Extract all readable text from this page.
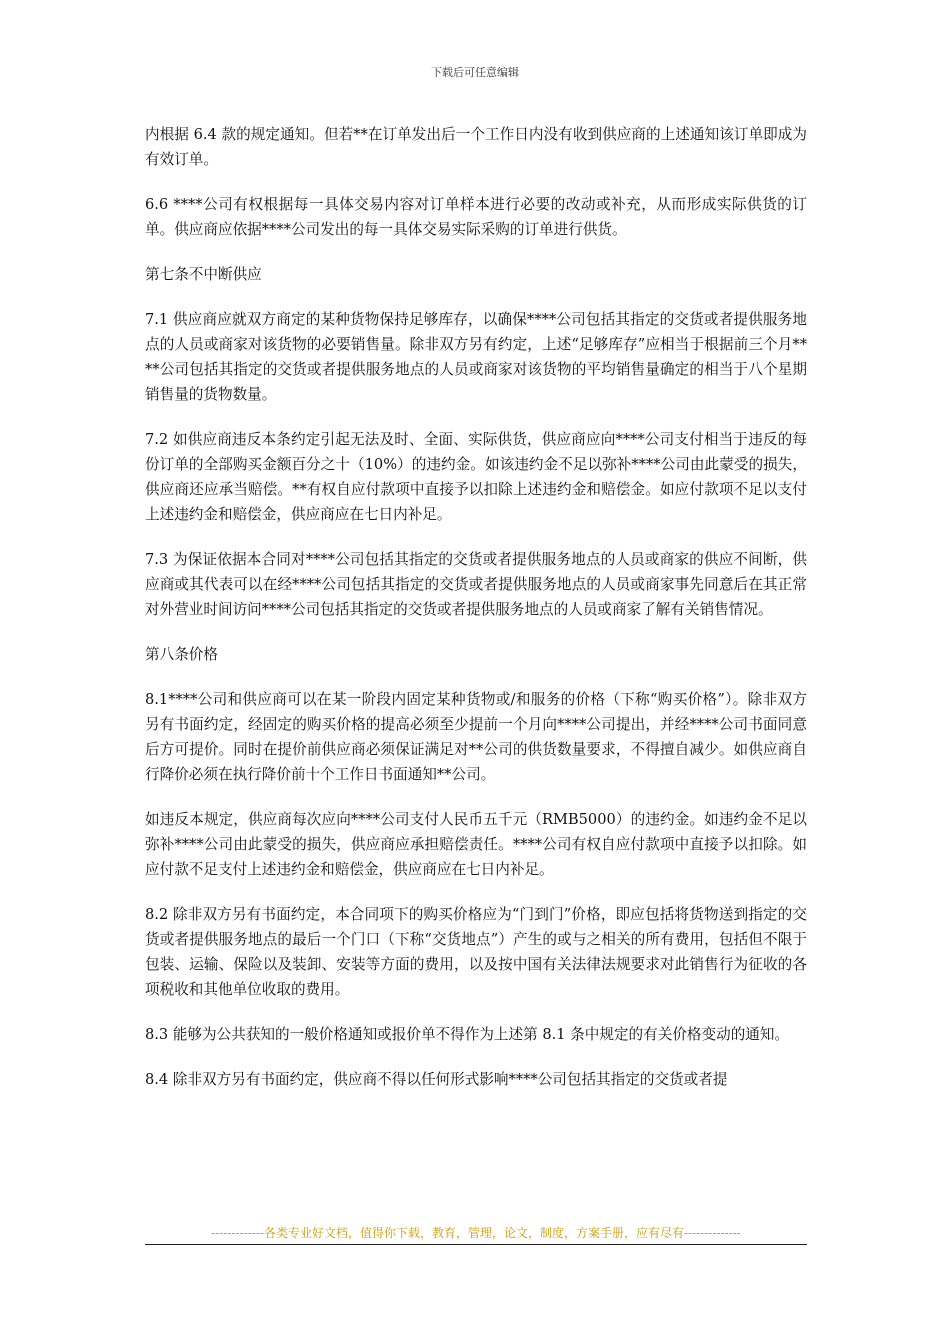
下载后可任意编辑

内根据 6.4 款的规定通知。但若**在订单发出后一个工作日内没有收到供应商的上述通知该订单即成为有效订单。

6.6 ****公司有权根据每一具体交易内容对订单样本进行必要的改动或补充，从而形成实际供货的订单。供应商应依据****公司发出的每一具体交易实际采购的订单进行供货。

第七条不中断供应

7.1 供应商应就双方商定的某种货物保持足够库存，以确保****公司包括其指定的交货或者提供服务地点的人员或商家对该货物的必要销售量。除非双方另有约定，上述“足够库存”应相当于根据前三个月****公司包括其指定的交货或者提供服务地点的人员或商家对该货物的平均销售量确定的相当于八个星期销售量的货物数量。

7.2 如供应商违反本条约定引起无法及时、全面、实际供货，供应商应向****公司支付相当于违反的每份订单的全部购买金额百分之十（10%）的违约金。如该违约金不足以弥补****公司由此蒙受的损失，供应商还应承当赔偿。**有权自应付款项中直接予以扣除上述违约金和赔偿金。如应付款项不足以支付上述违约金和赔偿金，供应商应在七日内补足。

7.3 为保证依据本合同对****公司包括其指定的交货或者提供服务地点的人员或商家的供应不间断，供应商或其代表可以在经****公司包括其指定的交货或者提供服务地点的人员或商家事先同意后在其正常对外营业时间访问****公司包括其指定的交货或者提供服务地点的人员或商家了解有关销售情况。

第八条价格

8.1****公司和供应商可以在某一阶段内固定某种货物或/和服务的价格（下称“购买价格”）。除非双方另有书面约定，经固定的购买价格的提高必须至少提前一个月向****公司提出，并经****公司书面同意后方可提价。同时在提价前供应商必须保证满足对**公司的供货数量要求，不得擅自减少。如供应商自行降价必须在执行降价前十个工作日书面通知**公司。

如违反本规定，供应商每次应向****公司支付人民币五千元（RMB5000）的违约金。如违约金不足以弥补****公司由此蒙受的损失，供应商应承担赔偿责任。****公司有权自应付款项中直接予以扣除。如应付款不足支付上述违约金和赔偿金，供应商应在七日内补足。

8.2 除非双方另有书面约定，本合同项下的购买价格应为“门到门”价格，即应包括将货物送到指定的交货或者提供服务地点的最后一个门口（下称“交货地点”）产生的或与之相关的所有费用，包括但不限于包装、运输、保险以及装卸、安装等方面的费用，以及按中国有关法律法规要求对此销售行为征收的各项税收和其他单位收取的费用。

8.3 能够为公共获知的一般价格通知或报价单不得作为上述第 8.1 条中规定的有关价格变动的通知。

8.4 除非双方另有书面约定，供应商不得以任何形式影响****公司包括其指定的交货或者提

-------------各类专业好文档，值得你下载，教育，管理，论文，制度，方案手册，应有尽有--------------
